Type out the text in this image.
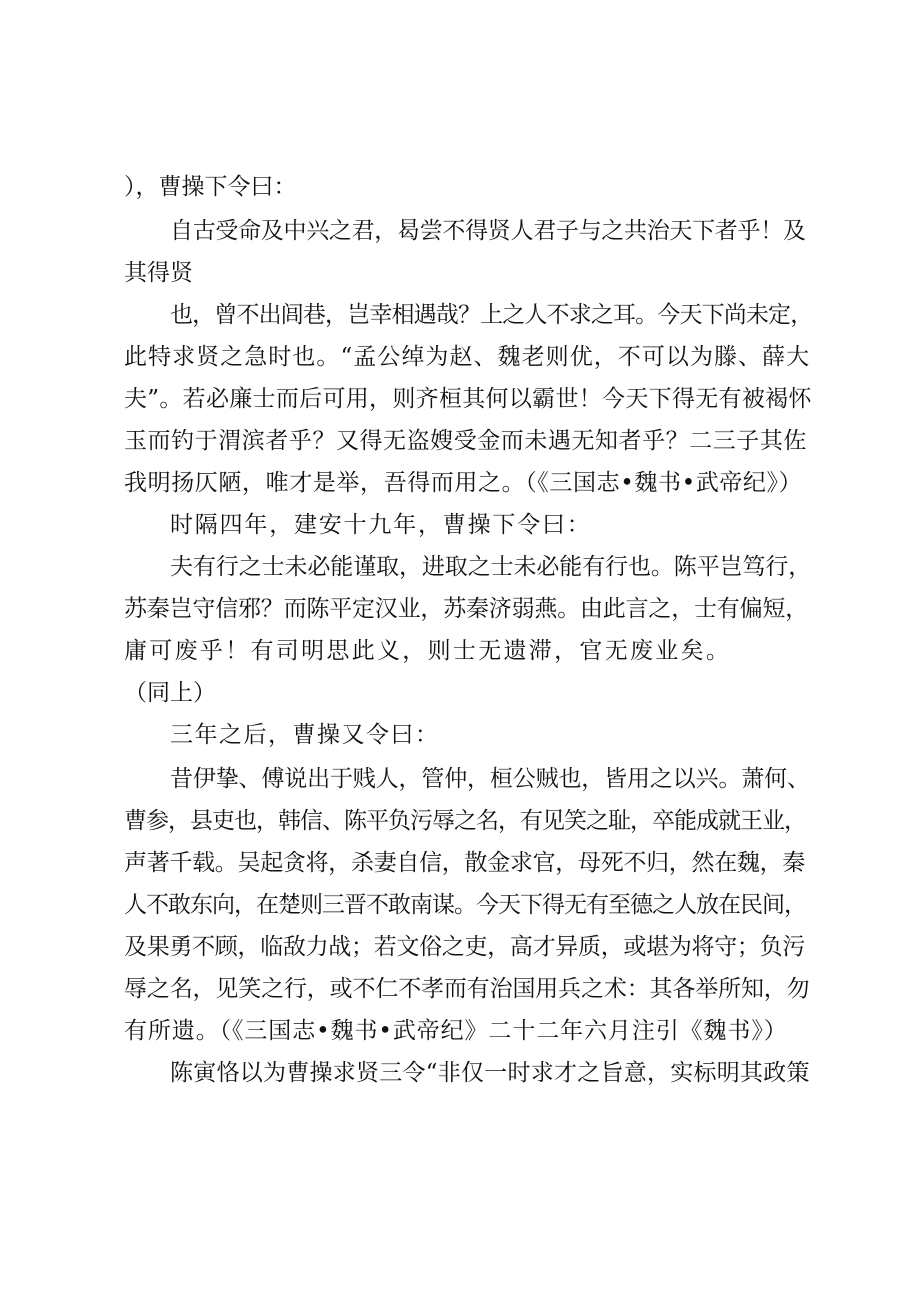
），曹操下令曰：
自古受命及中兴之君，曷尝不得贤人君子与之共治天下者乎！及
其得贤
也，曾不出闾巷，岂幸相遇哉？上之人不求之耳。今天下尚未定，
此特求贤之急时也。“孟公绰为赵、魏老则优，不可以为滕、薛大
夫”。若必廉士而后可用，则齐桓其何以霸世！今天下得无有被褐怀
玉而钓于渭滨者乎？又得无盗嫂受金而未遇无知者乎？二三子其佐
我明扬仄陋，唯才是举，吾得而用之。（《三国志•魏书•武帝纪》）
时隔四年，建安十九年，曹操下令曰：
夫有行之士未必能谨取，进取之士未必能有行也。陈平岂笃行，
苏秦岂守信邪？而陈平定汉业，苏秦济弱燕。由此言之，士有偏短，
庸可废乎！有司明思此义，则士无遗滞，官无废业矣。
（同上）
三年之后，曹操又令曰：
昔伊挚、傅说出于贱人，管仲，桓公贼也，皆用之以兴。萧何、
曹参，县吏也，韩信、陈平负污辱之名，有见笑之耻，卒能成就王业，
声著千载。吴起贪将，杀妻自信，散金求官，母死不归，然在魏，秦
人不敢东向，在楚则三晋不敢南谋。今天下得无有至德之人放在民间，
及果勇不顾，临敌力战；若文俗之吏，高才异质，或堪为将守；负污
辱之名，见笑之行，或不仁不孝而有治国用兵之术：其各举所知，勿
有所遗。（《三国志•魏书•武帝纪》二十二年六月注引《魏书》）
陈寅恪以为曹操求贤三令“非仅一时求才之旨意，实标明其政策
